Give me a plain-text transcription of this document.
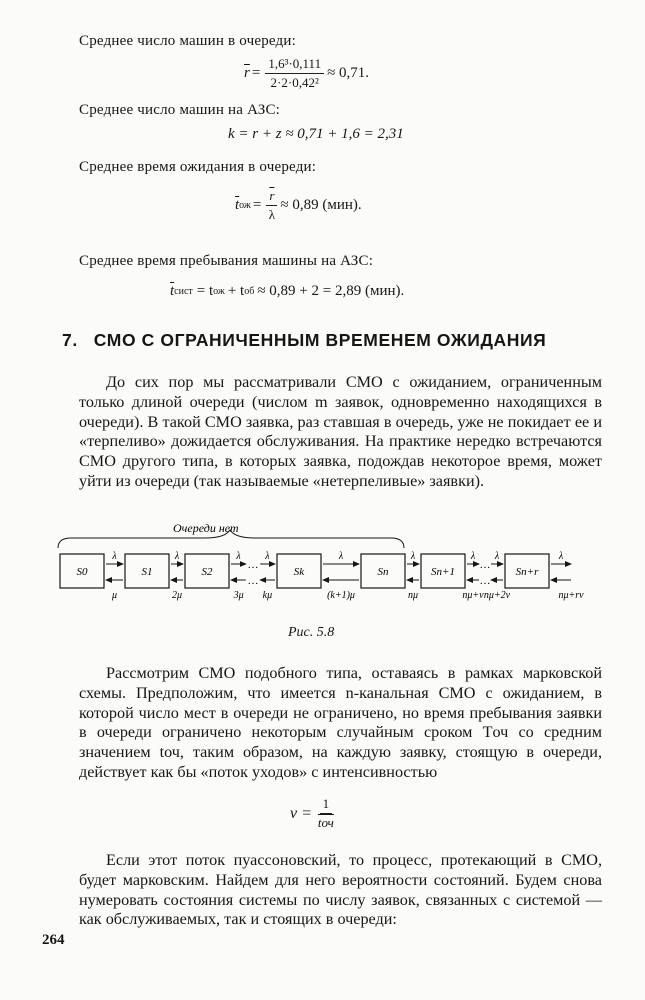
Среднее число машин в очереди:
$\overline{r} = \frac{\text{1,6³·0,111}}{\text{2·2·0,42²}} \approx 0,71$.
Среднее число машин на АЗС:
k = r + z ≈ 0,71 + 1,6 = 2,31
Среднее время ожидания в очереди:
$\overline{t}$ ож = $\frac{\overline{r}}{\lambda} \approx 0,89$ (мин).
Среднее время пребывания машины на АЗС:
$\overline{t}$ сист = t ож + t об ≈ 0,89 + 2 = 2,89 (мин).
7. СМО С ОГРАНИЧЕННЫМ ВРЕМЕНЕМ ОЖИДАНИЯ
До сих пор мы рассматривали СМО с ожиданием, ограниченным только длиной очереди (числом m заявок, одновременно находящихся в очереди). В такой СМО заявка, раз ставшая в очередь, уже не покидает ее и «терпеливо» дожидается обслуживания. На практике нередко встречаются СМО другого типа, в которых заявка, подождав некоторое время, может уйти из очереди (так называемые «нетерпеливые» заявки).
Очереди нет
S0	S1	S2	Sk	Sn	Sn+1	Sn+r
λ
μ
λ
2μ
…
…
λ λ
3μ kμ
λ
(k+1)μ
λ
nμ
…
…
λ λ
nμ+ν nμ+2ν
λ
nμ+rν
Рис. 5.8
Рассмотрим СМО подобного типа, оставаясь в рамках марковской схемы. Предположим, что имеется n-канальная СМО с ожиданием, в которой число мест в очереди не ограничено, но время пребывания заявки в очереди ограничено некоторым случайным сроком Tоч со средним значением tоч, таким образом, на каждую заявку, стоящую в очереди, действует как бы «поток уходов» с интенсивностью
$\nu = \frac{1}{\text{tоч}}$
Если этот поток пуассоновский, то процесс, протекающий в СМО, будет марковским. Найдем для него вероятности состояний. Будем снова нумеровать состояния системы по числу заявок, связанных с системой — как обслуживаемых, так и стоящих в очереди:
264
